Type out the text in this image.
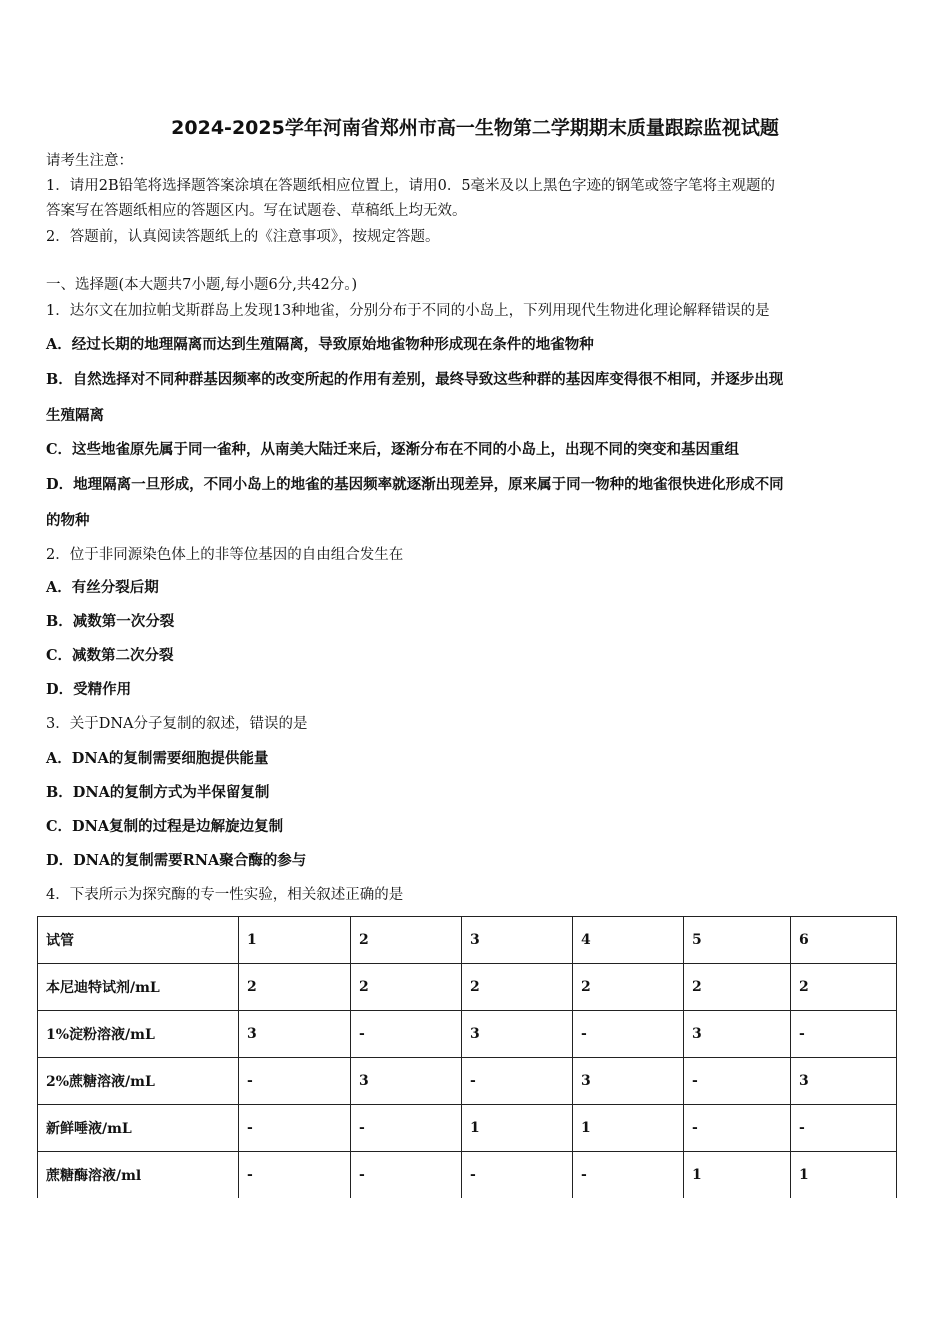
2024-2025学年河南省郑州市高一生物第二学期期末质量跟踪监视试题
请考生注意：
1．请用2B铅笔将选择题答案涂填在答题纸相应位置上，请用0．5毫米及以上黑色字迹的钢笔或签字笔将主观题的
答案写在答题纸相应的答题区内。写在试题卷、草稿纸上均无效。
2．答题前，认真阅读答题纸上的《注意事项》，按规定答题。
一、选择题(本大题共7小题,每小题6分,共42分。)
1．达尔文在加拉帕戈斯群岛上发现13种地雀，分别分布于不同的小岛上，下列用现代生物进化理论解释错误的是
A．经过长期的地理隔离而达到生殖隔离，导致原始地雀物种形成现在条件的地雀物种
B．自然选择对不同种群基因频率的改变所起的作用有差别，最终导致这些种群的基因库变得很不相同，并逐步出现
生殖隔离
C．这些地雀原先属于同一雀种，从南美大陆迁来后，逐渐分布在不同的小岛上，出现不同的突变和基因重组
D．地理隔离一旦形成，不同小岛上的地雀的基因频率就逐渐出现差异，原来属于同一物种的地雀很快进化形成不同
的物种
2．位于非同源染色体上的非等位基因的自由组合发生在
A．有丝分裂后期
B．减数第一次分裂
C．减数第二次分裂
D．受精作用
3．关于DNA分子复制的叙述，错误的是
A．DNA的复制需要细胞提供能量
B．DNA的复制方式为半保留复制
C．DNA复制的过程是边解旋边复制
D．DNA的复制需要RNA聚合酶的参与
4．下表所示为探究酶的专一性实验，相关叙述正确的是
试管	1	2	3	4	5	6
本尼迪特试剂/mL	2	2	2	2	2	2
1%淀粉溶液/mL	3	-	3	-	3	-
2%蔗糖溶液/mL	-	3	-	3	-	3
新鲜唾液/mL	-	-	1	1	-	-
蔗糖酶溶液/ml	-	-	-	-	1	1
